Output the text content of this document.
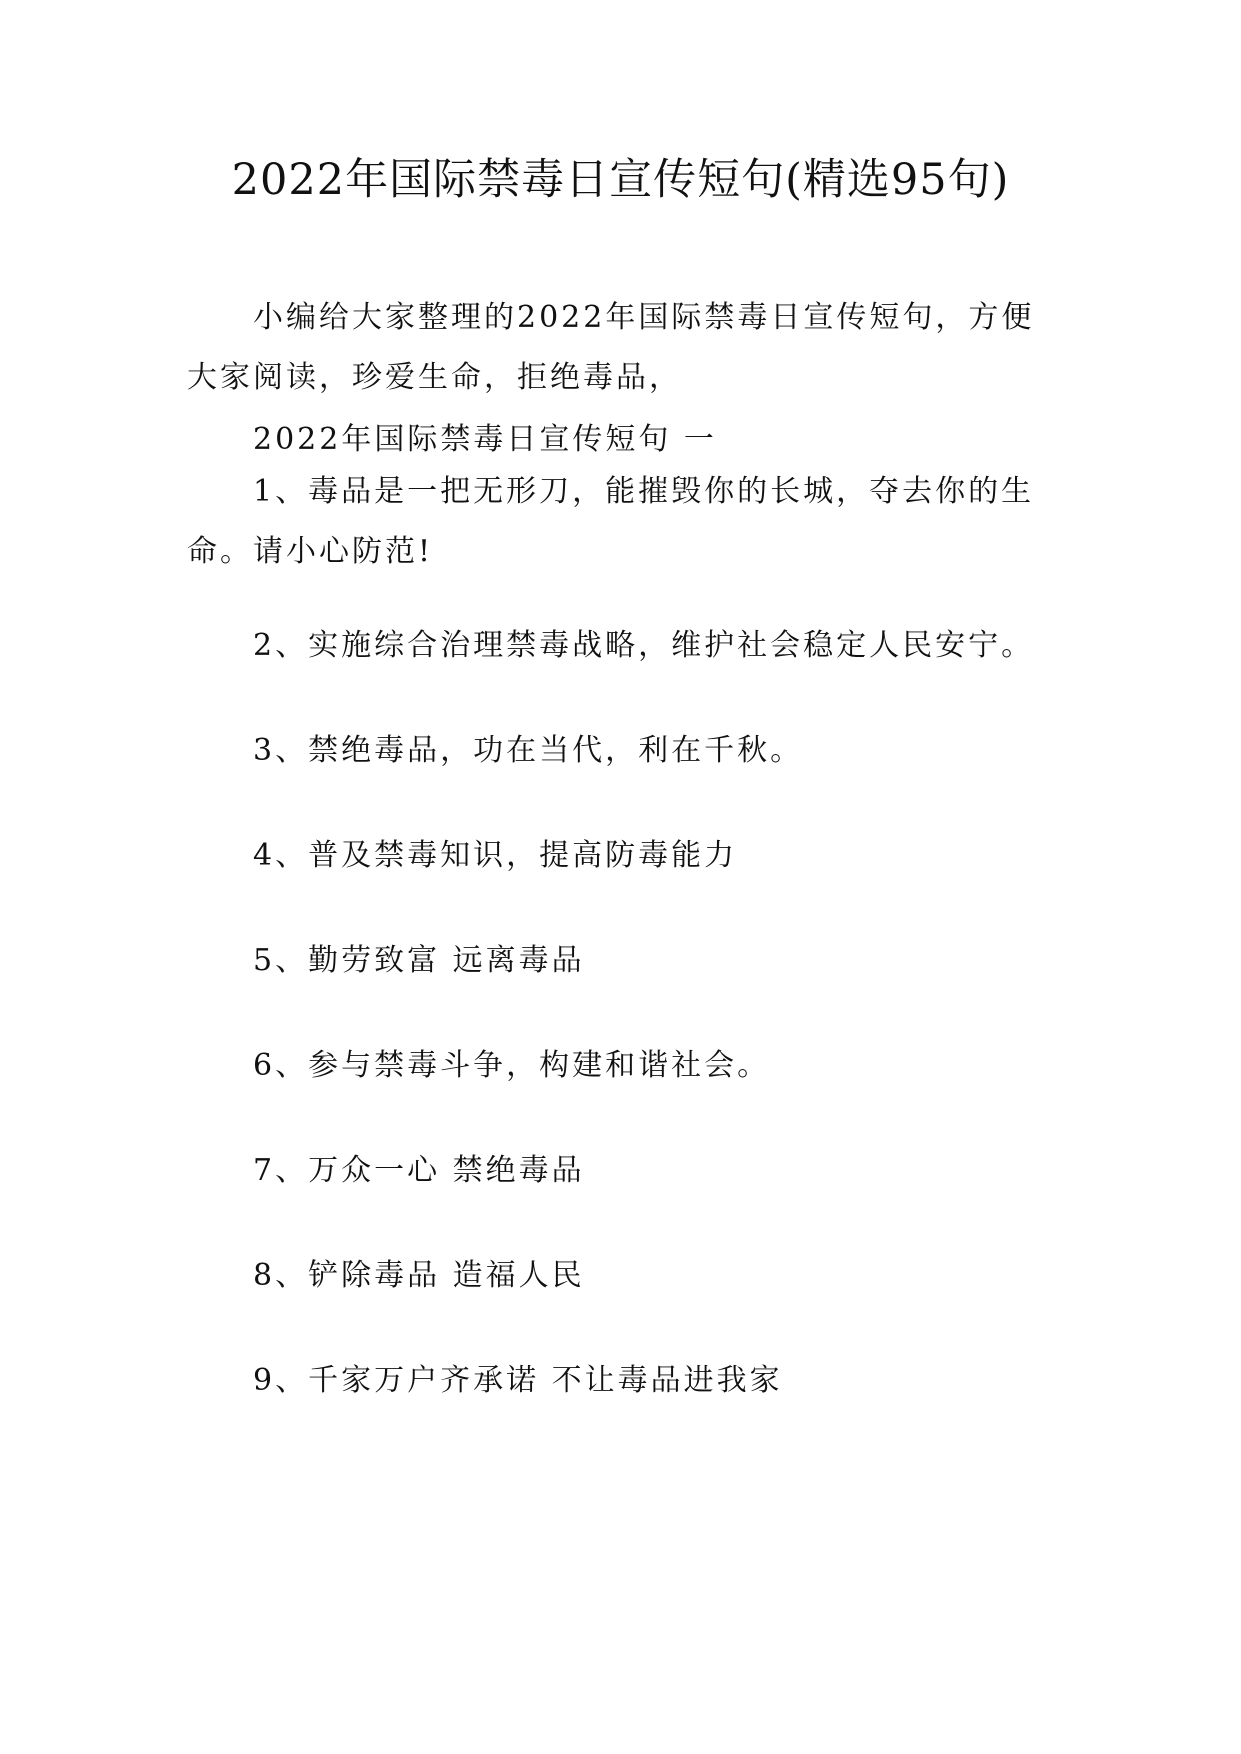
2022年国际禁毒日宣传短句(精选95句)

小编给大家整理的2022年国际禁毒日宣传短句，方便大家阅读，珍爱生命，拒绝毒品，

2022年国际禁毒日宣传短句 一

1、毒品是一把无形刀，能摧毁你的长城，夺去你的生命。请小心防范!

2、实施综合治理禁毒战略，维护社会稳定人民安宁。

3、禁绝毒品，功在当代，利在千秋。

4、普及禁毒知识，提高防毒能力

5、勤劳致富 远离毒品

6、参与禁毒斗争，构建和谐社会。

7、万众一心 禁绝毒品

8、铲除毒品 造福人民

9、千家万户齐承诺 不让毒品进我家
